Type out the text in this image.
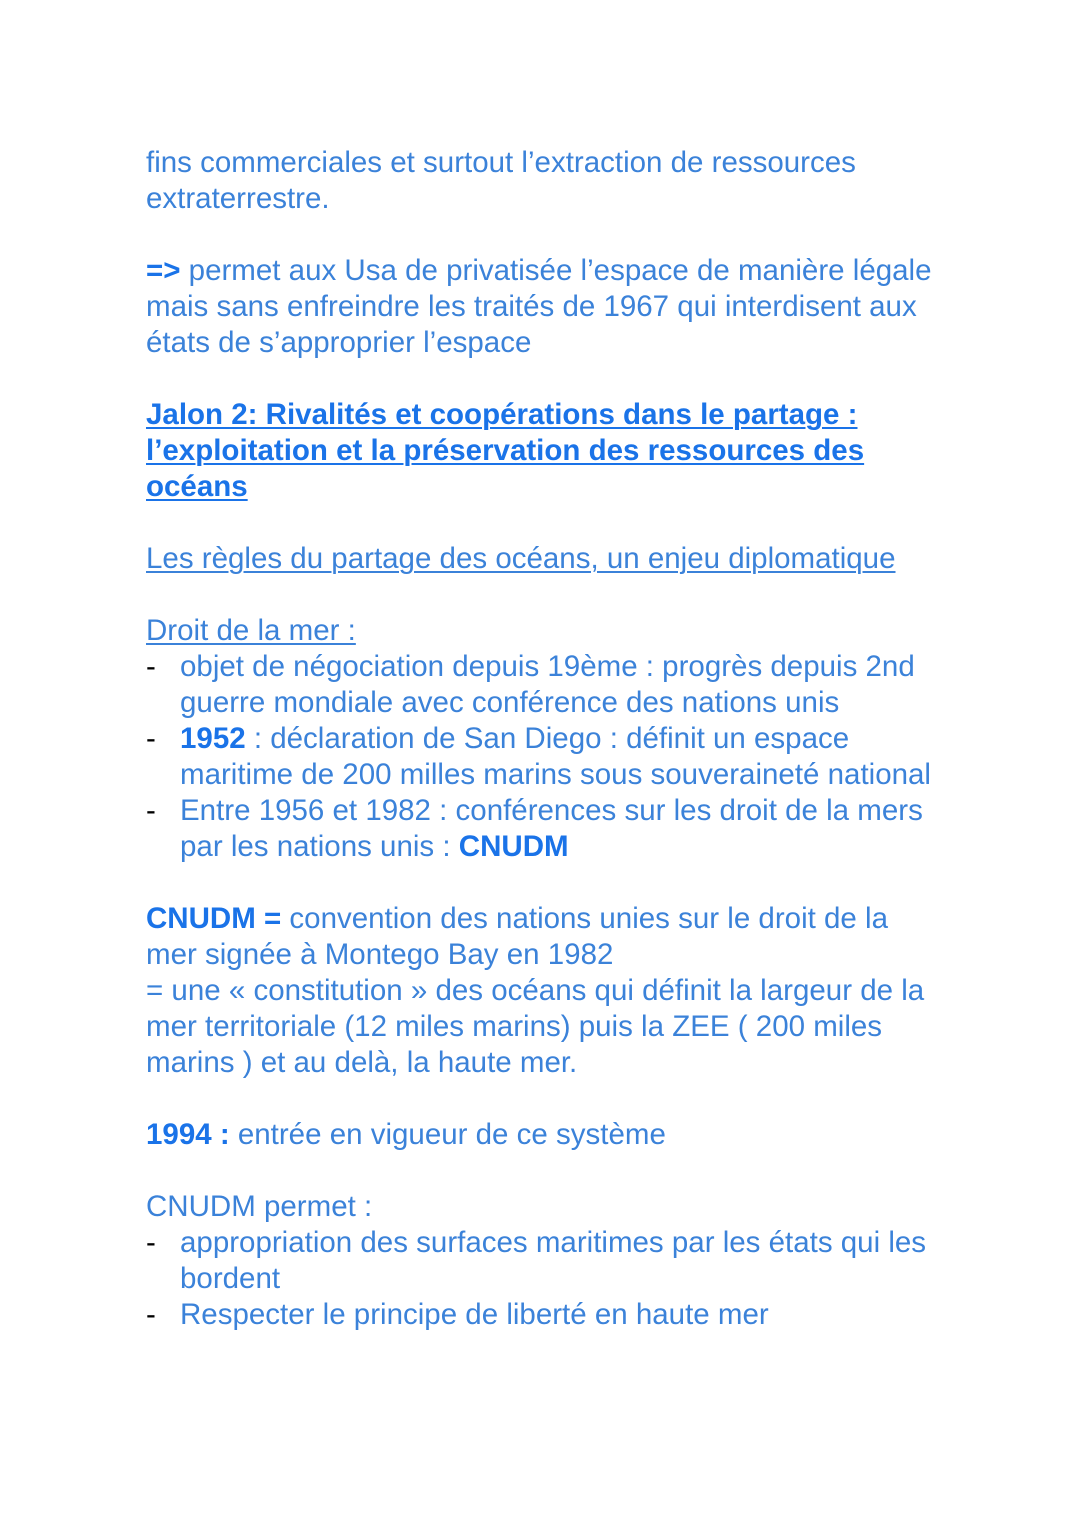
fins commerciales et surtout l’extraction de ressources extraterrestre.

=> permet aux Usa de privatisée l’espace de manière légale mais sans enfreindre les traités de 1967 qui interdisent aux états de s’approprier l’espace

Jalon 2: Rivalités et coopérations dans le partage : l’exploitation et la préservation des ressources des océans

Les règles du partage des océans, un enjeu diplomatique

Droit de la mer :

- objet de négociation depuis 19ème : progrès depuis 2nd guerre mondiale avec conférence des nations unis
- 1952 : déclaration de San Diego : définit un espace maritime de 200 milles marins sous souveraineté national
- Entre 1956 et 1982 : conférences sur les droit de la mers par les nations unis : CNUDM

CNUDM = convention des nations unies sur le droit de la mer signée à Montego Bay en 1982

= une « constitution » des océans qui définit la largeur de la mer territoriale (12 miles marins) puis la ZEE ( 200 miles marins ) et au delà, la haute mer.

1994 : entrée en vigueur de ce système

CNUDM permet :

- appropriation des surfaces maritimes par les états qui les bordent
- Respecter le principe de liberté en haute mer
